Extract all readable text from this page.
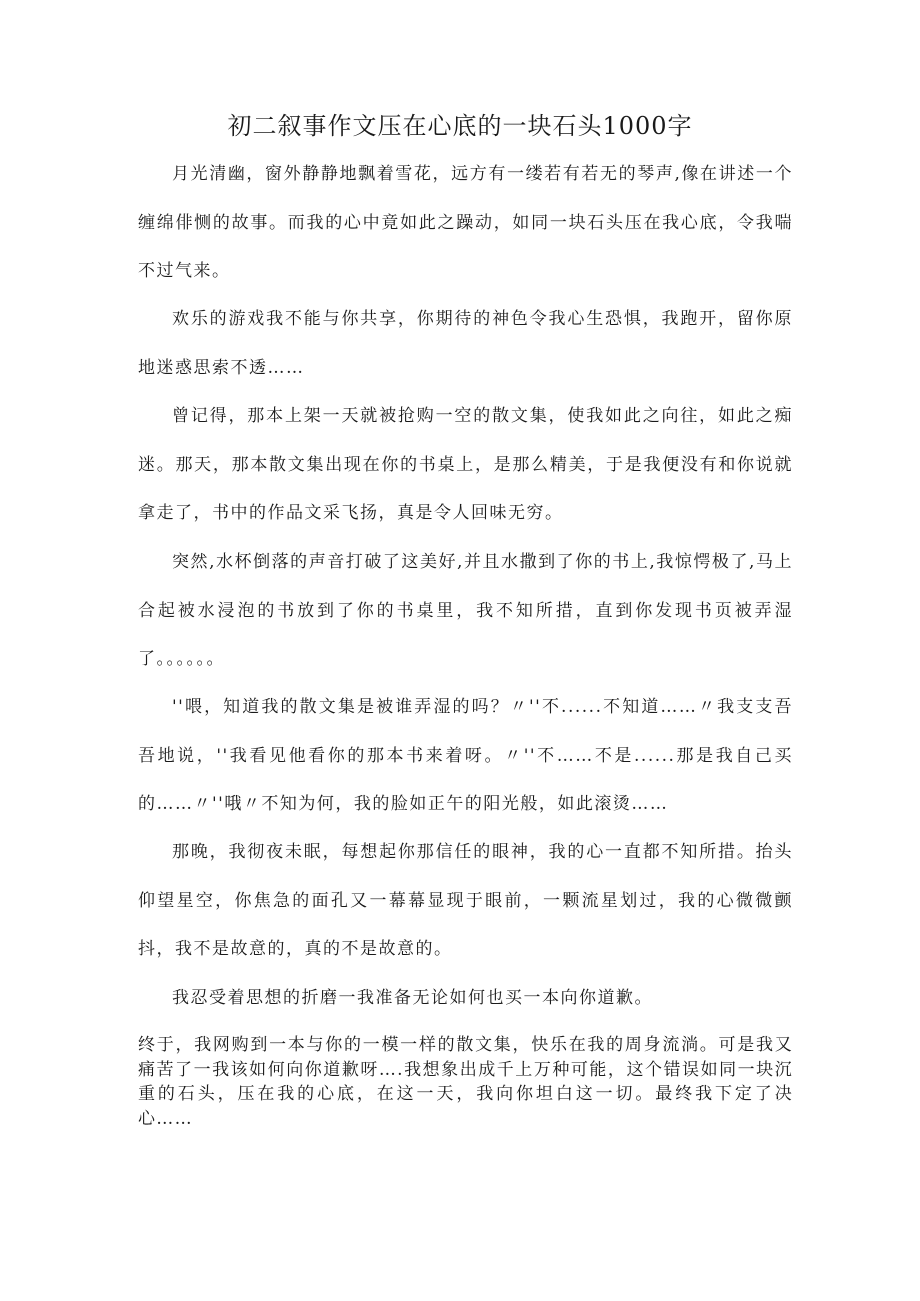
初二叙事作文压在心底的一块石头1000字

月光清幽，窗外静静地飘着雪花，远方有一缕若有若无的琴声,像在讲述一个缠绵俳恻的故事。而我的心中竟如此之躁动，如同一块石头压在我心底，令我喘不过气来。

欢乐的游戏我不能与你共享，你期待的神色令我心生恐惧，我跑开，留你原地迷惑思索不透……

曾记得，那本上架一天就被抢购一空的散文集，使我如此之向往，如此之痴迷。那天，那本散文集出现在你的书桌上，是那么精美，于是我便没有和你说就拿走了，书中的作品文采飞扬，真是令人回味无穷。

突然,水杯倒落的声音打破了这美好,并且水撒到了你的书上,我惊愕极了,马上合起被水浸泡的书放到了你的书桌里，我不知所措，直到你发现书页被弄湿了。。。。。。

''喂，知道我的散文集是被谁弄湿的吗？〃''不......不知道……〃我支支吾吾地说，''我看见他看你的那本书来着呀。〃''不……不是......那是我自己买的……〃''哦〃不知为何，我的脸如正午的阳光般，如此滚烫……

那晚，我彻夜未眠，每想起你那信任的眼神，我的心一直都不知所措。抬头仰望星空，你焦急的面孔又一幕幕显现于眼前，一颗流星划过，我的心微微颤抖，我不是故意的，真的不是故意的。

我忍受着思想的折磨一我准备无论如何也买一本向你道歉。

终于，我网购到一本与你的一模一样的散文集，快乐在我的周身流淌。可是我又痛苦了一我该如何向你道歉呀….我想象出成千上万种可能，这个错误如同一块沉重的石头，压在我的心底，在这一天，我向你坦白这一切。最终我下定了决心……
